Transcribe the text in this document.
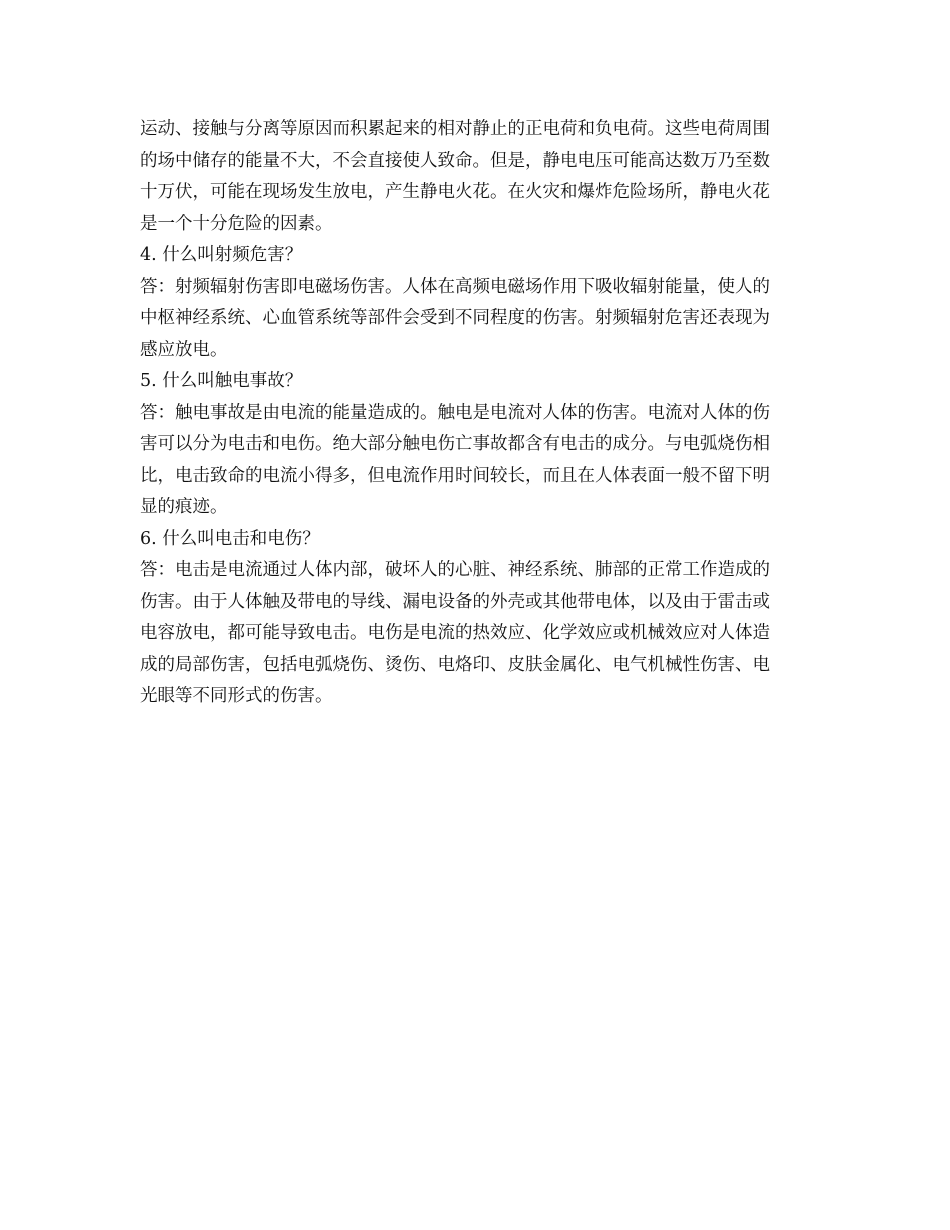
运动、接触与分离等原因而积累起来的相对静止的正电荷和负电荷。这些电荷周围
的场中储存的能量不大，不会直接使人致命。但是，静电电压可能高达数万乃至数
十万伏，可能在现场发生放电，产生静电火花。在火灾和爆炸危险场所，静电火花
是一个十分危险的因素。
4. 什么叫射频危害？
答：射频辐射伤害即电磁场伤害。人体在高频电磁场作用下吸收辐射能量，使人的
中枢神经系统、心血管系统等部件会受到不同程度的伤害。射频辐射危害还表现为
感应放电。
5. 什么叫触电事故？
答：触电事故是由电流的能量造成的。触电是电流对人体的伤害。电流对人体的伤
害可以分为电击和电伤。绝大部分触电伤亡事故都含有电击的成分。与电弧烧伤相
比，电击致命的电流小得多，但电流作用时间较长，而且在人体表面一般不留下明
显的痕迹。
6. 什么叫电击和电伤？
答：电击是电流通过人体内部，破坏人的心脏、神经系统、肺部的正常工作造成的
伤害。由于人体触及带电的导线、漏电设备的外壳或其他带电体，以及由于雷击或
电容放电，都可能导致电击。电伤是电流的热效应、化学效应或机械效应对人体造
成的局部伤害，包括电弧烧伤、烫伤、电烙印、皮肤金属化、电气机械性伤害、电
光眼等不同形式的伤害。
